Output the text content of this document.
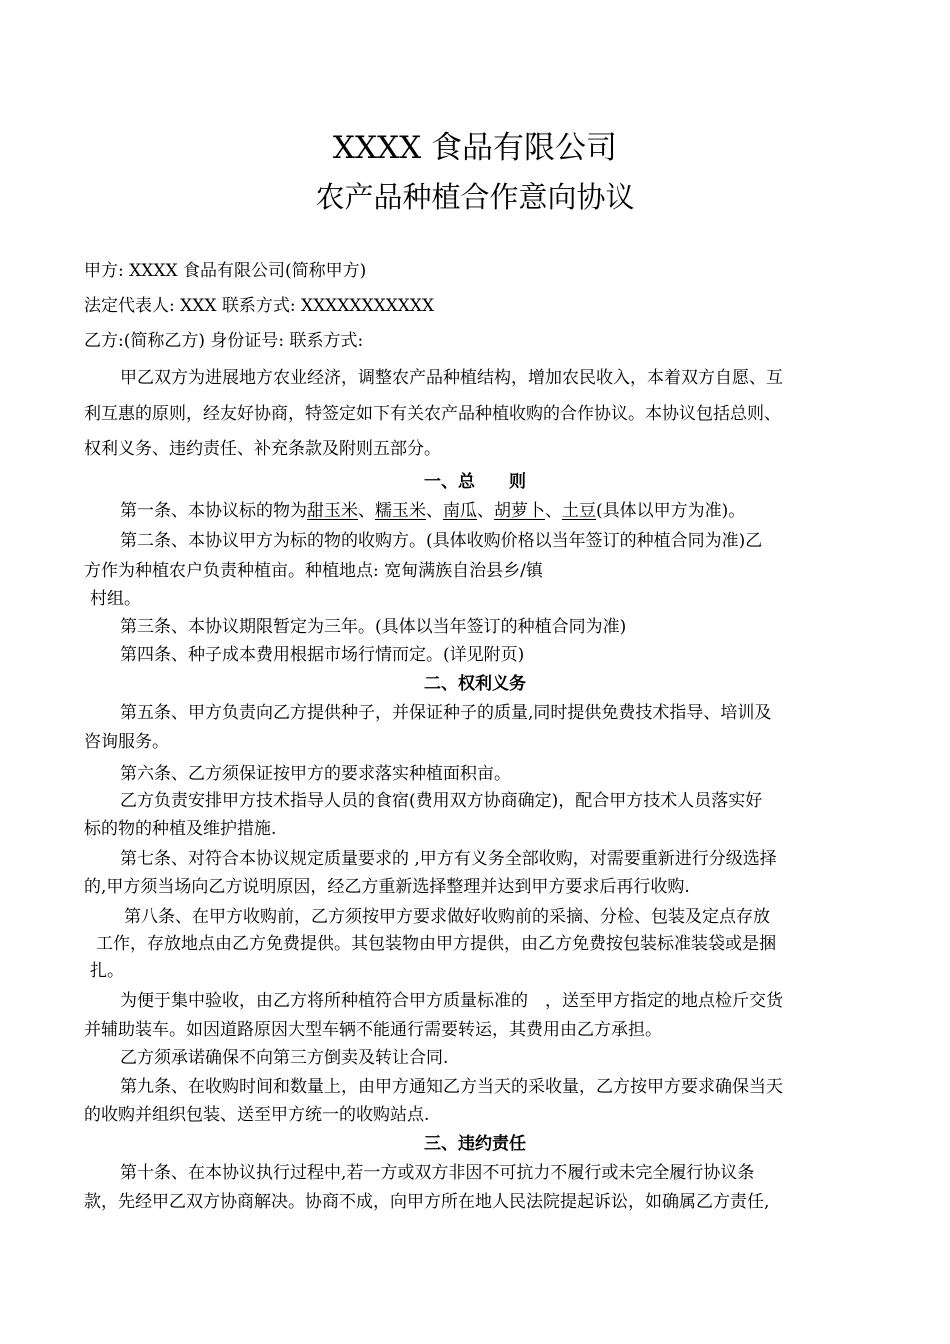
XXXX 食品有限公司
农产品种植合作意向协议
甲方: XXXX 食品有限公司(简称甲方)
法定代表人: XXX 联系方式: XXXXXXXXXXX
乙方:(简称乙方) 身份证号: 联系方式:
甲乙双方为进展地方农业经济，调整农产品种植结构，增加农民收入，本着双方自愿、互
利互惠的原则，经友好协商，特签定如下有关农产品种植收购的合作协议。本协议包括总则、
权利义务、违约责任、补充条款及附则五部分。
一、总　　则
第一条、本协议标的物为甜玉米、糯玉米、南瓜、胡萝卜、土豆(具体以甲方为准)。
第二条、本协议甲方为标的物的收购方。(具体收购价格以当年签订的种植合同为准)乙
方作为种植农户负责种植亩。种植地点: 宽甸满族自治县乡/镇
村组。
第三条、本协议期限暂定为三年。(具体以当年签订的种植合同为准)
第四条、种子成本费用根据市场行情而定。(详见附页)
二、权利义务
第五条、甲方负责向乙方提供种子，并保证种子的质量,同时提供免费技术指导、培训及
咨询服务。
第六条、乙方须保证按甲方的要求落实种植面积亩。
乙方负责安排甲方技术指导人员的食宿(费用双方协商确定)，配合甲方技术人员落实好
标的物的种植及维护措施.
第七条、对符合本协议规定质量要求的 ,甲方有义务全部收购，对需要重新进行分级选择
的,甲方须当场向乙方说明原因，经乙方重新选择整理并达到甲方要求后再行收购.
第八条、在甲方收购前，乙方须按甲方要求做好收购前的采摘、分检、包装及定点存放
工作，存放地点由乙方免费提供。其包装物由甲方提供，由乙方免费按包装标准装袋或是捆
扎。
为便于集中验收，由乙方将所种植符合甲方质量标准的　，送至甲方指定的地点检斤交货
并辅助装车。如因道路原因大型车辆不能通行需要转运，其费用由乙方承担。
乙方须承诺确保不向第三方倒卖及转让合同.
第九条、在收购时间和数量上，由甲方通知乙方当天的采收量，乙方按甲方要求确保当天
的收购并组织包装、送至甲方统一的收购站点.
三、违约责任
第十条、在本协议执行过程中,若一方或双方非因不可抗力不履行或未完全履行协议条
款，先经甲乙双方协商解决。协商不成，向甲方所在地人民法院提起诉讼，如确属乙方责任,
